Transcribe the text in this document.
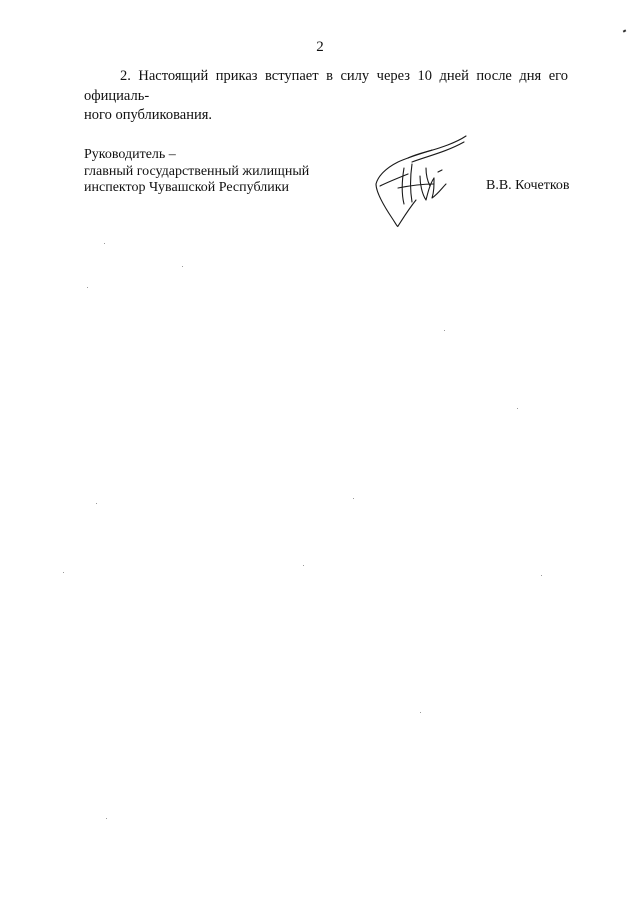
2
2. Настоящий приказ вступает в силу через 10 дней после дня его официаль-
ного опубликования.
Руководитель –
главный государственный жилищный
инспектор Чувашской Республики	В.В. Кочетков
